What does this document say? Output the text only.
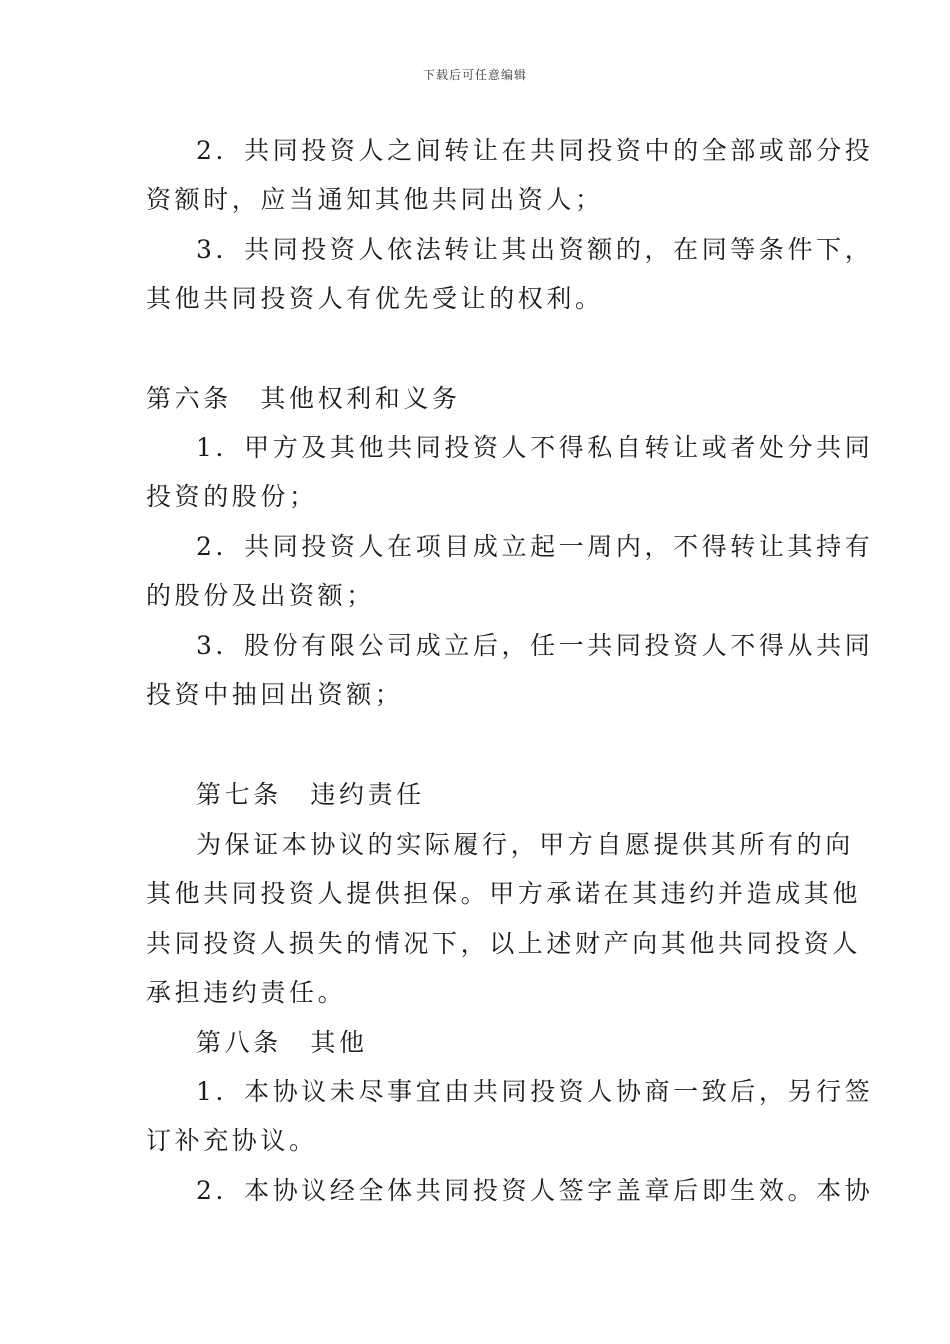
下载后可任意编辑
2．共同投资人之间转让在共同投资中的全部或部分投
资额时，应当通知其他共同出资人；
3．共同投资人依法转让其出资额的，在同等条件下，
其他共同投资人有优先受让的权利。
第六条　其他权利和义务
1．甲方及其他共同投资人不得私自转让或者处分共同
投资的股份；
2．共同投资人在项目成立起一周内，不得转让其持有
的股份及出资额；
3．股份有限公司成立后，任一共同投资人不得从共同
投资中抽回出资额；
第七条　违约责任
为保证本协议的实际履行，甲方自愿提供其所有的向
其他共同投资人提供担保。甲方承诺在其违约并造成其他
共同投资人损失的情况下，以上述财产向其他共同投资人
承担违约责任。
第八条　其他
1．本协议未尽事宜由共同投资人协商一致后，另行签
订补充协议。
2．本协议经全体共同投资人签字盖章后即生效。本协
